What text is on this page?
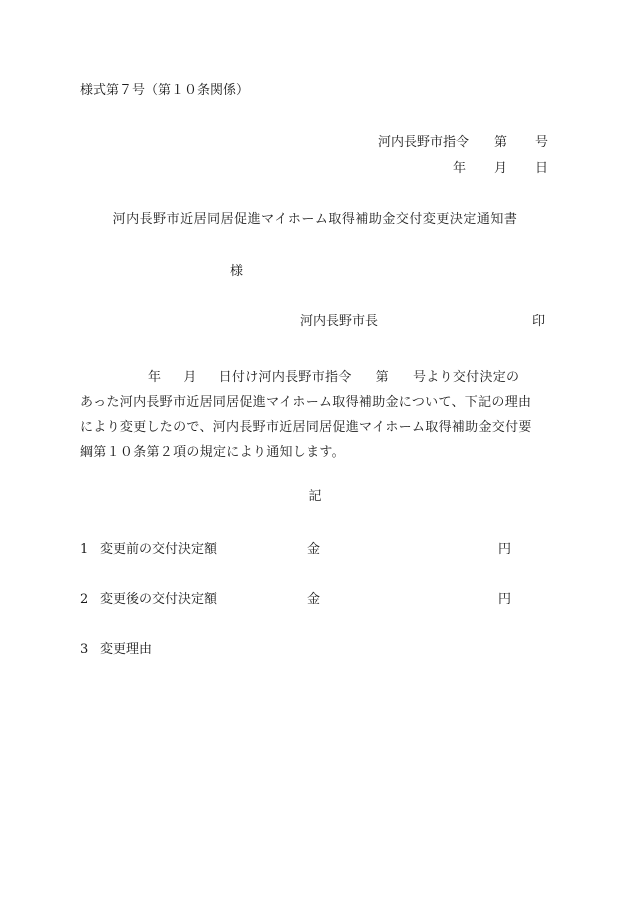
様式第７号（第１０条関係）
河内長野市指令 第 号
年 月 日
河内長野市近居同居促進マイホーム取得補助金交付変更決定通知書
様
河内長野市長	印
年 月 日付け河内長野市指令 第 号より交付決定の
あった河内長野市近居同居促進マイホーム取得補助金について、下記の理由
により変更したので、河内長野市近居同居促進マイホーム取得補助金交付要
綱第１０条第２項の規定により通知します。
記
1 変更前の交付決定額	金	円
2 変更後の交付決定額	金	円
3 変更理由
